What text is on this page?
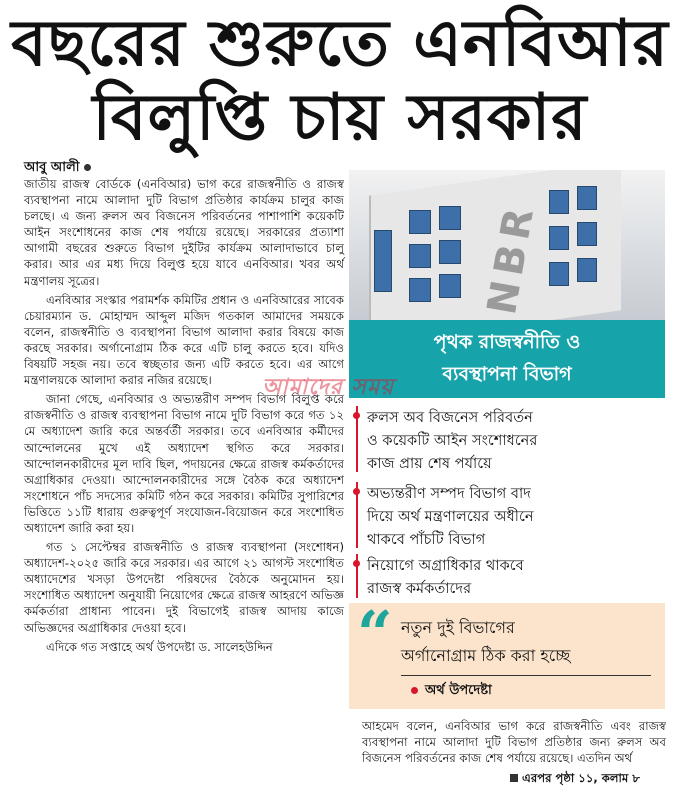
বছরের শুরুতে এনবিআর
বিলুপ্তি চায় সরকার
আবু আলী

জাতীয় রাজস্ব বোর্ডকে (এনবিআর) ভাগ করে রাজস্বনীতি ও রাজস্ব ব্যবস্থাপনা নামে আলাদা দুটি বিভাগ প্রতিষ্ঠার কার্যক্রম চালুর কাজ চলছে। এ জন্য রুলস অব বিজনেস পরিবর্তনের পাশাপাশি কয়েকটি আইন সংশোধনের কাজ শেষ পর্যায়ে রয়েছে। সরকারের প্রত্যাশা আগামী বছরের শুরুতে বিভাগ দুইটির কার্যক্রম আলাদাভাবে চালু করার। আর এর মধ্য দিয়ে বিলুপ্ত হয়ে যাবে এনবিআর। খবর অর্থ মন্ত্রণালয় সূত্রের।

এনবিআর সংস্কার পরামর্শক কমিটির প্রধান ও এনবিআরের সাবেক চেয়ারম্যান ড. মোহাম্মদ আব্দুল মজিদ গতকাল আমাদের সময়কে বলেন, রাজস্বনীতি ও ব্যবস্থাপনা বিভাগ আলাদা করার বিষয়ে কাজ করছে সরকার। অর্গানোগ্রাম ঠিক করে এটি চালু করতে হবে। যদিও বিষয়টি সহজ নয়। তবে স্বচ্ছতার জন্য এটি করতে হবে। এর আগে মন্ত্রণালয়কে আলাদা করার নজির রয়েছে।

জানা গেছে, এনবিআর ও অভ্যন্তরীণ সম্পদ বিভাগ বিলুপ্ত করে রাজস্বনীতি ও রাজস্ব ব্যবস্থাপনা বিভাগ নামে দুটি বিভাগ করে গত ১২ মে অধ্যাদেশ জারি করে অন্তর্বর্তী সরকার। তবে এনবিআর কর্মীদের আন্দোলনের মুখে এই অধ্যাদেশ স্থগিত করে সরকার। আন্দোলনকারীদের মূল দাবি ছিল, পদায়নের ক্ষেত্রে রাজস্ব কর্মকর্তাদের অগ্রাধিকার দেওয়া। আন্দোলনকারীদের সঙ্গে বৈঠক করে অধ্যাদেশ সংশোধনে পাঁচ সদস্যের কমিটি গঠন করে সরকার। কমিটির সুপারিশের ভিত্তিতে ১১টি ধারায় গুরুত্বপূর্ণ সংযোজন-বিয়োজন করে সংশোধিত অধ্যাদেশ জারি করা হয়।

গত ১ সেপ্টেম্বর রাজস্বনীতি ও রাজস্ব ব্যবস্থাপনা (সংশোধন) অধ্যাদেশ-২০২৫ জারি করে সরকার। এর আগে ২১ আগস্ট সংশোধিত অধ্যাদেশের খসড়া উপদেষ্টা পরিষদের বৈঠকে অনুমোদন হয়। সংশোধিত অধ্যাদেশ অনুযায়ী নিয়োগের ক্ষেত্রে রাজস্ব আহরণে অভিজ্ঞ কর্মকর্তারা প্রাধান্য পাবেন। দুই বিভাগেই রাজস্ব আদায় কাজে অভিজ্ঞদের অগ্রাধিকার দেওয়া হবে।

এদিকে গত সপ্তাহে অর্থ উপদেষ্টা ড. সালেহউদ্দিন

NBR
পৃথক রাজস্বনীতি ও
ব্যবস্থাপনা বিভাগ
রুলস অব বিজনেস পরিবর্তন
ও কয়েকটি আইন সংশোধনের
কাজ প্রায় শেষ পর্যায়ে
অভ্যন্তরীণ সম্পদ বিভাগ বাদ
দিয়ে অর্থ মন্ত্রণালয়ের অধীনে
থাকবে পাঁচটি বিভাগ
নিয়োগে অগ্রাধিকার থাকবে
রাজস্ব কর্মকর্তাদের
“ নতুন দুই বিভাগের
অর্গানোগ্রাম ঠিক করা হচ্ছে
অর্থ উপদেষ্টা

আহমেদ বলেন, এনবিআর ভাগ করে রাজস্বনীতি এবং রাজস্ব ব্যবস্থাপনা নামে আলাদা দুটি বিভাগ প্রতিষ্ঠার জন্য রুলস অব বিজনেস পরিবর্তনের কাজ শেষ পর্যায়ে রয়েছে। এতদিন অর্থ

এরপর পৃষ্ঠা ১১, কলাম ৮
আমাদের সময়
